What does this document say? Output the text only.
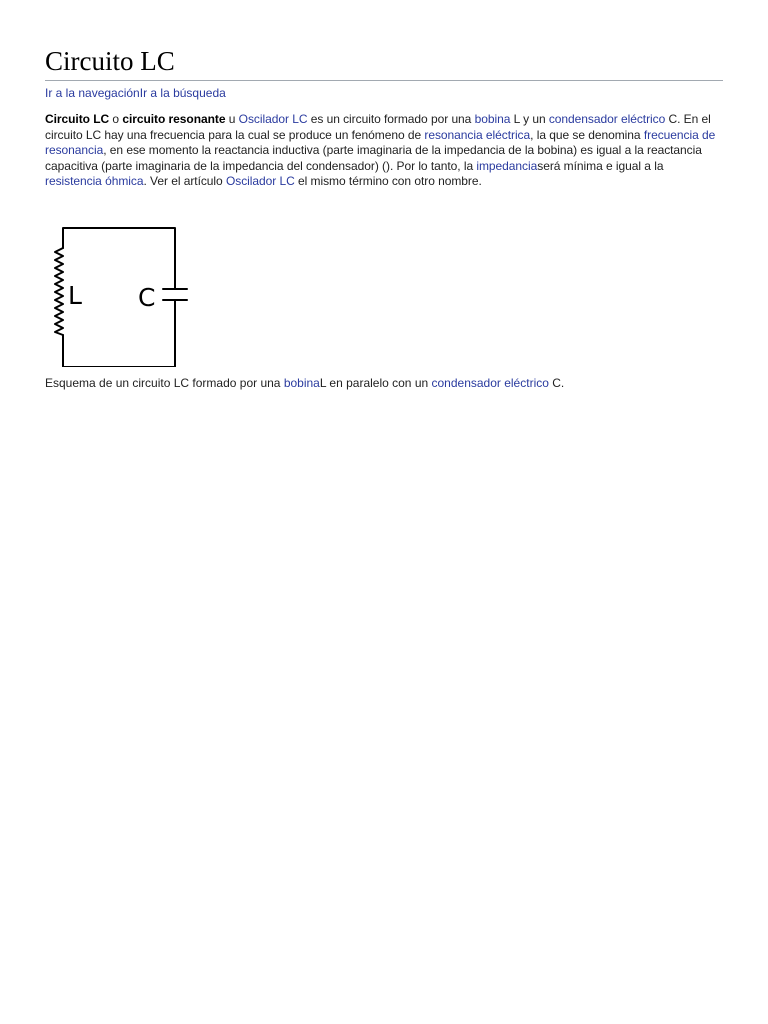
Circuito LC
Ir a la navegaciónIr a la búsqueda

Circuito LC o circuito resonante u Oscilador LC es un circuito formado por una bobina L y un condensador eléctrico C. En el circuito LC hay una frecuencia para la cual se produce un fenómeno de resonancia eléctrica, la que se denomina frecuencia de resonancia, en ese momento la reactancia inductiva (parte imaginaria de la impedancia de la bobina) es igual a la reactancia capacitiva (parte imaginaria de la impedancia del condensador) (). Por lo tanto, la impedanciaserá mínima e igual a la resistencia óhmica. Ver el artículo Oscilador LC el mismo término con otro nombre.

L C
Esquema de un circuito LC formado por una bobinaL en paralelo con un condensador eléctrico C.
